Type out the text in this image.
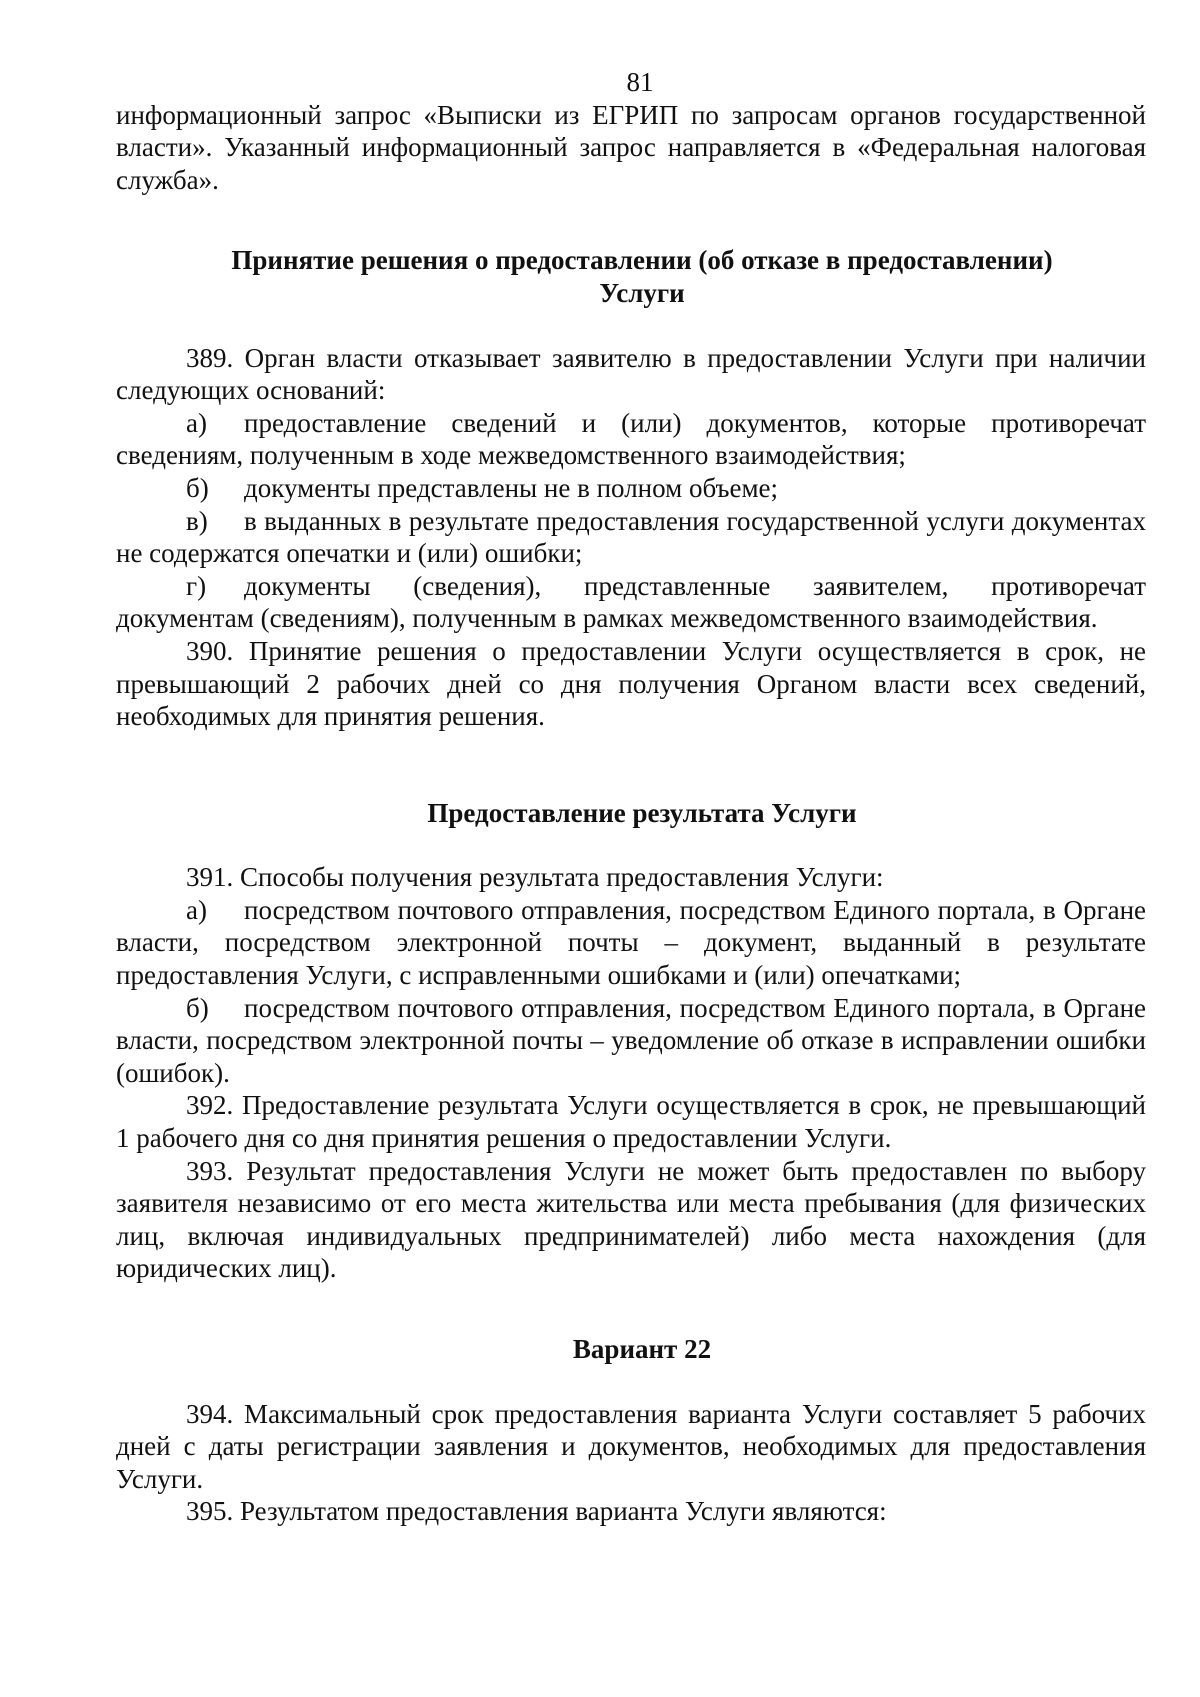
81

информационный запрос «Выписки из ЕГРИП по запросам органов государственной власти». Указанный информационный запрос направляется в «Федеральная налоговая служба».

Принятие решения о предоставлении (об отказе в предоставлении)
Услуги

389. Орган власти отказывает заявителю в предоставлении Услуги при наличии следующих оснований:

а) предоставление сведений и (или) документов, которые противоречат сведениям, полученным в ходе межведомственного взаимодействия;

б) документы представлены не в полном объеме;

в) в выданных в результате предоставления государственной услуги документах не содержатся опечатки и (или) ошибки;

г) документы (сведения), представленные заявителем, противоречат документам (сведениям), полученным в рамках межведомственного взаимодействия.

390. Принятие решения о предоставлении Услуги осуществляется в срок, не превышающий 2 рабочих дней со дня получения Органом власти всех сведений, необходимых для принятия решения.

Предоставление результата Услуги

391. Способы получения результата предоставления Услуги:

а) посредством почтового отправления, посредством Единого портала, в Органе власти, посредством электронной почты – документ, выданный в результате предоставления Услуги, с исправленными ошибками и (или) опечатками;

б) посредством почтового отправления, посредством Единого портала, в Органе власти, посредством электронной почты – уведомление об отказе в исправлении ошибки (ошибок).

392. Предоставление результата Услуги осуществляется в срок, не превышающий 1 рабочего дня со дня принятия решения о предоставлении Услуги.

393. Результат предоставления Услуги не может быть предоставлен по выбору заявителя независимо от его места жительства или места пребывания (для физических лиц, включая индивидуальных предпринимателей) либо места нахождения (для юридических лиц).

Вариант 22

394. Максимальный срок предоставления варианта Услуги составляет 5 рабочих дней с даты регистрации заявления и документов, необходимых для предоставления Услуги.

395. Результатом предоставления варианта Услуги являются:
